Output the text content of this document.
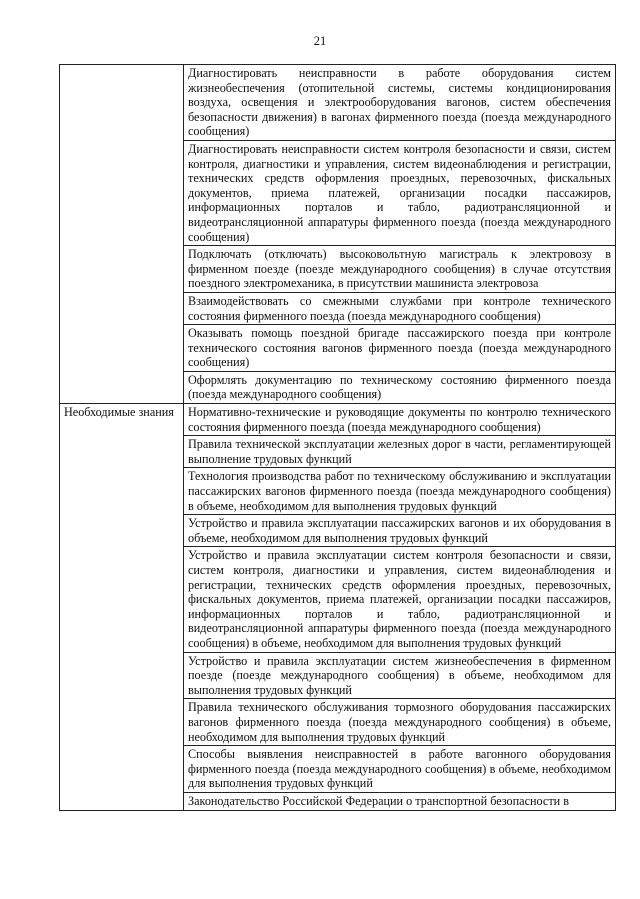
21
	Диагностировать неисправности в работе оборудования систем жизнеобеспечения (отопительной системы, системы кондиционирования воздуха, освещения и электрооборудования вагонов, систем обеспечения безопасности движения) в вагонах фирменного поезда (поезда международного сообщения)
	Диагностировать неисправности систем контроля безопасности и связи, систем контроля, диагностики и управления, систем видеонаблюдения и регистрации, технических средств оформления проездных, перевозочных, фискальных документов, приема платежей, организации посадки пассажиров, информационных порталов и табло, радиотрансляционной и видеотрансляционной аппаратуры фирменного поезда (поезда международного сообщения)
	Подключать (отключать) высоковольтную магистраль к электровозу в фирменном поезде (поезде международного сообщения) в случае отсутствия поездного электромеханика, в присутствии машиниста электровоза
	Взаимодействовать со смежными службами при контроле технического состояния фирменного поезда (поезда международного сообщения)
	Оказывать помощь поездной бригаде пассажирского поезда при контроле технического состояния вагонов фирменного поезда (поезда международного сообщения)
	Оформлять документацию по техническому состоянию фирменного поезда (поезда международного сообщения)
Необходимые знания	Нормативно-технические и руководящие документы по контролю технического состояния фирменного поезда (поезда международного сообщения)
	Правила технической эксплуатации железных дорог в части, регламентирующей выполнение трудовых функций
	Технология производства работ по техническому обслуживанию и эксплуатации пассажирских вагонов фирменного поезда (поезда международного сообщения) в объеме, необходимом для выполнения трудовых функций
	Устройство и правила эксплуатации пассажирских вагонов и их оборудования в объеме, необходимом для выполнения трудовых функций
	Устройство и правила эксплуатации систем контроля безопасности и связи, систем контроля, диагностики и управления, систем видеонаблюдения и регистрации, технических средств оформления проездных, перевозочных, фискальных документов, приема платежей, организации посадки пассажиров, информационных порталов и табло, радиотрансляционной и видеотрансляционной аппаратуры фирменного поезда (поезда международного сообщения) в объеме, необходимом для выполнения трудовых функций
	Устройство и правила эксплуатации систем жизнеобеспечения в фирменном поезде (поезде международного сообщения) в объеме, необходимом для выполнения трудовых функций
	Правила технического обслуживания тормозного оборудования пассажирских вагонов фирменного поезда (поезда международного сообщения) в объеме, необходимом для выполнения трудовых функций
	Способы выявления неисправностей в работе вагонного оборудования фирменного поезда (поезда международного сообщения) в объеме, необходимом для выполнения трудовых функций
	Законодательство Российской Федерации о транспортной безопасности в
